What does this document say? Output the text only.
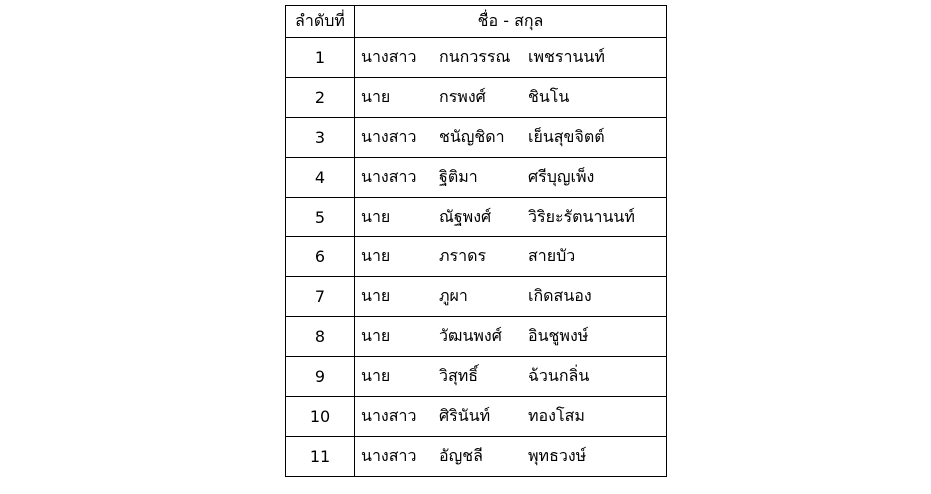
ลำดับที่	ชื่อ - สกุล
1	นางสาว กนกวรรณ เพชรานนท์
2	นาย กรพงศ์ ชินโน
3	นางสาว ชนัญชิดา เย็นสุขจิตต์
4	นางสาว ฐิติมา ศรีบุญเพ็ง
5	นาย ณัฐพงศ์ วิริยะรัตนานนท์
6	นาย ภราดร สายบัว
7	นาย ภูผา เกิดสนอง
8	นาย วัฒนพงศ์ อินชูพงษ์
9	นาย วิสุทธิ์ ฉ้วนกลิ่น
10	นางสาว ศิรินันท์ ทองโสม
11	นางสาว อัญชลี พุทธวงษ์
